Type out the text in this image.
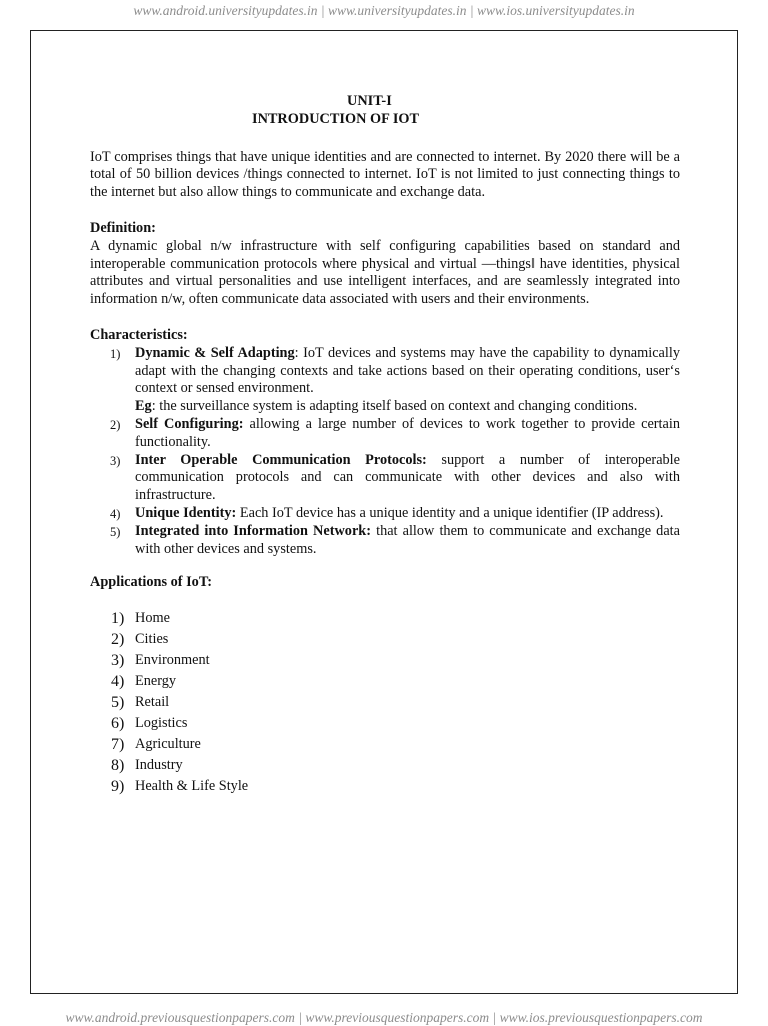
www.android.universityupdates.in | www.universityupdates.in | www.ios.universityupdates.in
UNIT-I
INTRODUCTION OF IOT

IoT comprises things that have unique identities and are connected to internet. By 2020 there will be a total of 50 billion devices /things connected to internet. IoT is not limited to just connecting things to the internet but also allow things to communicate and exchange data.

Definition:

A dynamic global n/w infrastructure with self configuring capabilities based on standard and interoperable communication protocols where physical and virtual ―things‖ have identities, physical attributes and virtual personalities and use intelligent interfaces, and are seamlessly integrated into information n/w, often communicate data associated with users and their environments.

Characteristics:
1) Dynamic & Self Adapting: IoT devices and systems may have the capability to dynamically adapt with the changing contexts and take actions based on their operating conditions, user‘s context or sensed environment.
Eg: the surveillance system is adapting itself based on context and changing conditions.
2) Self Configuring: allowing a large number of devices to work together to provide certain functionality.
3) Inter Operable Communication Protocols: support a number of interoperable communication protocols and can communicate with other devices and also with infrastructure.
4) Unique Identity: Each IoT device has a unique identity and a unique identifier (IP address).
5) Integrated into Information Network: that allow them to communicate and exchange data with other devices and systems.
Applications of IoT:
1) Home
2) Cities
3) Environment
4) Energy
5) Retail
6) Logistics
7) Agriculture
8) Industry
9) Health & Life Style
www.android.previousquestionpapers.com | www.previousquestionpapers.com | www.ios.previousquestionpapers.com
